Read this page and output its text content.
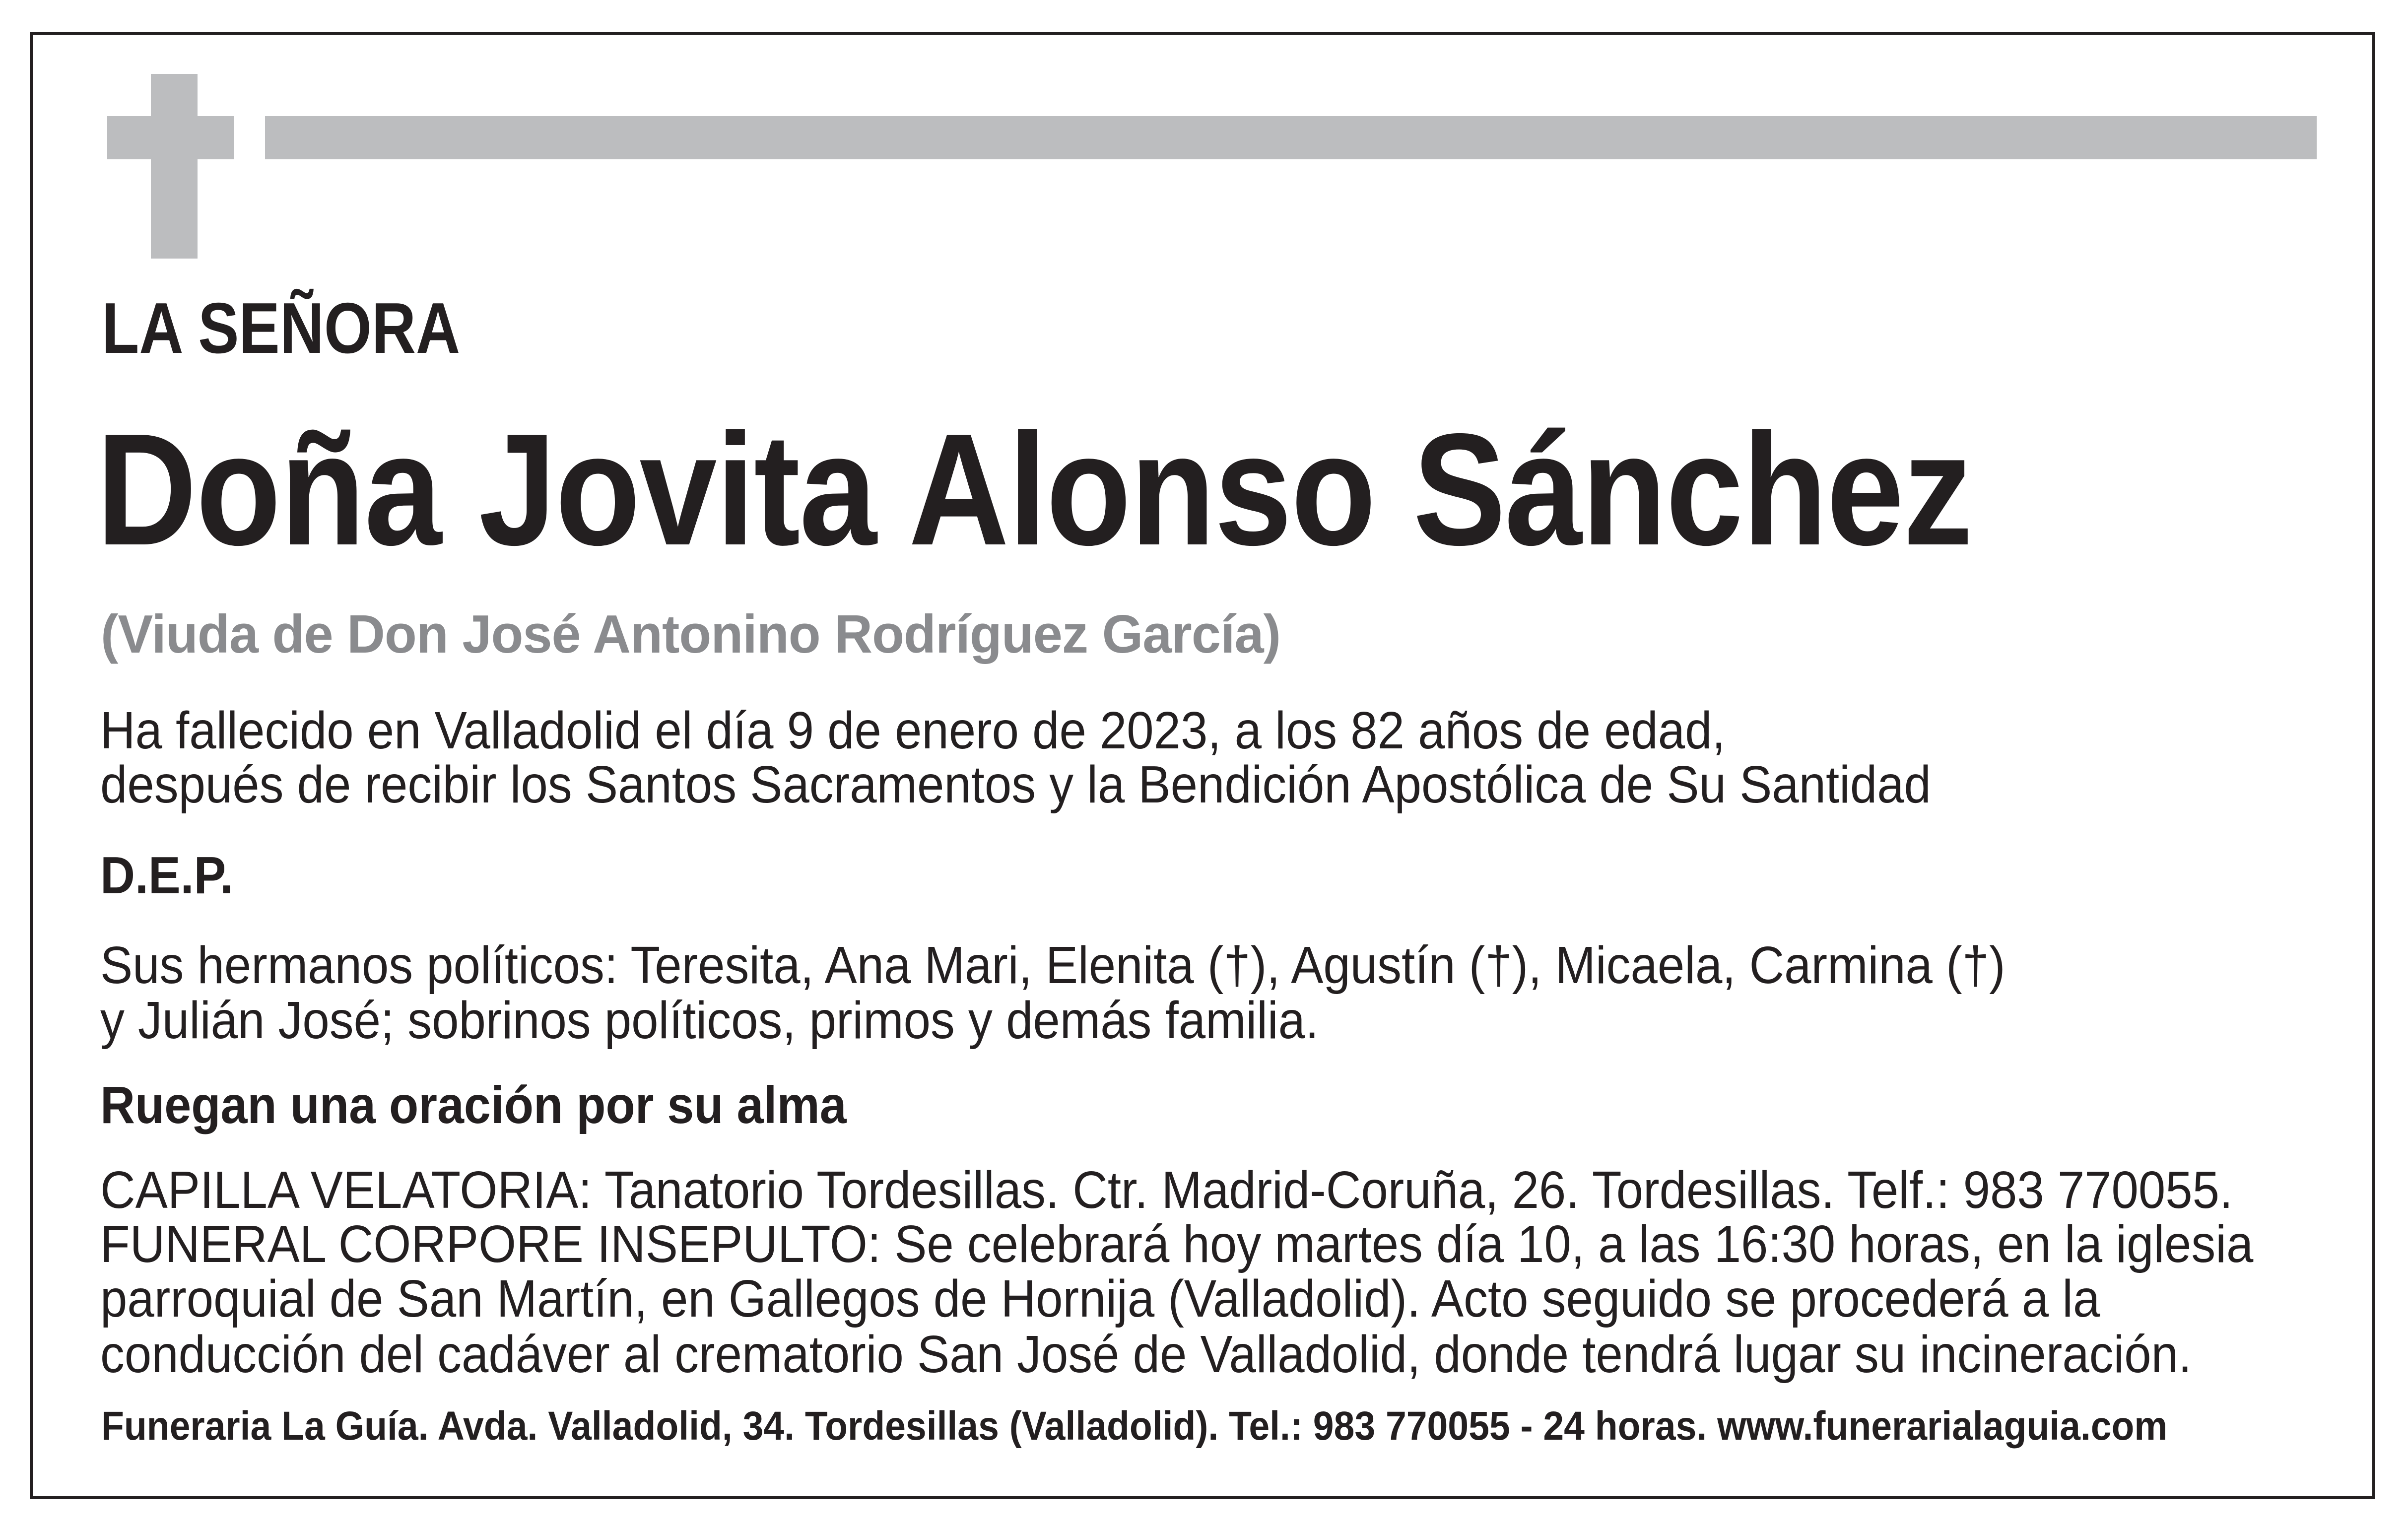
LA SEÑORA
Doña Jovita Alonso Sánchez
(Viuda de Don José Antonino Rodríguez García)
Ha fallecido en Valladolid el día 9 de enero de 2023, a los 82 años de edad,
después de recibir los Santos Sacramentos y la Bendición Apostólica de Su Santidad
D.E.P.
Sus hermanos políticos: Teresita, Ana Mari, Elenita (†), Agustín (†), Micaela, Carmina (†)
y Julián José; sobrinos políticos, primos y demás familia.
Ruegan una oración por su alma
CAPILLA VELATORIA: Tanatorio Tordesillas. Ctr. Madrid-Coruña, 26. Tordesillas. Telf.: 983 770055.
FUNERAL CORPORE INSEPULTO: Se celebrará hoy martes día 10, a las 16:30 horas, en la iglesia
parroquial de San Martín, en Gallegos de Hornija (Valladolid). Acto seguido se procederá a la
conducción del cadáver al crematorio San José de Valladolid, donde tendrá lugar su incineración.
Funeraria La Guía. Avda. Valladolid, 34. Tordesillas (Valladolid). Tel.: 983 770055 - 24 horas. www.funerarialaguia.com
